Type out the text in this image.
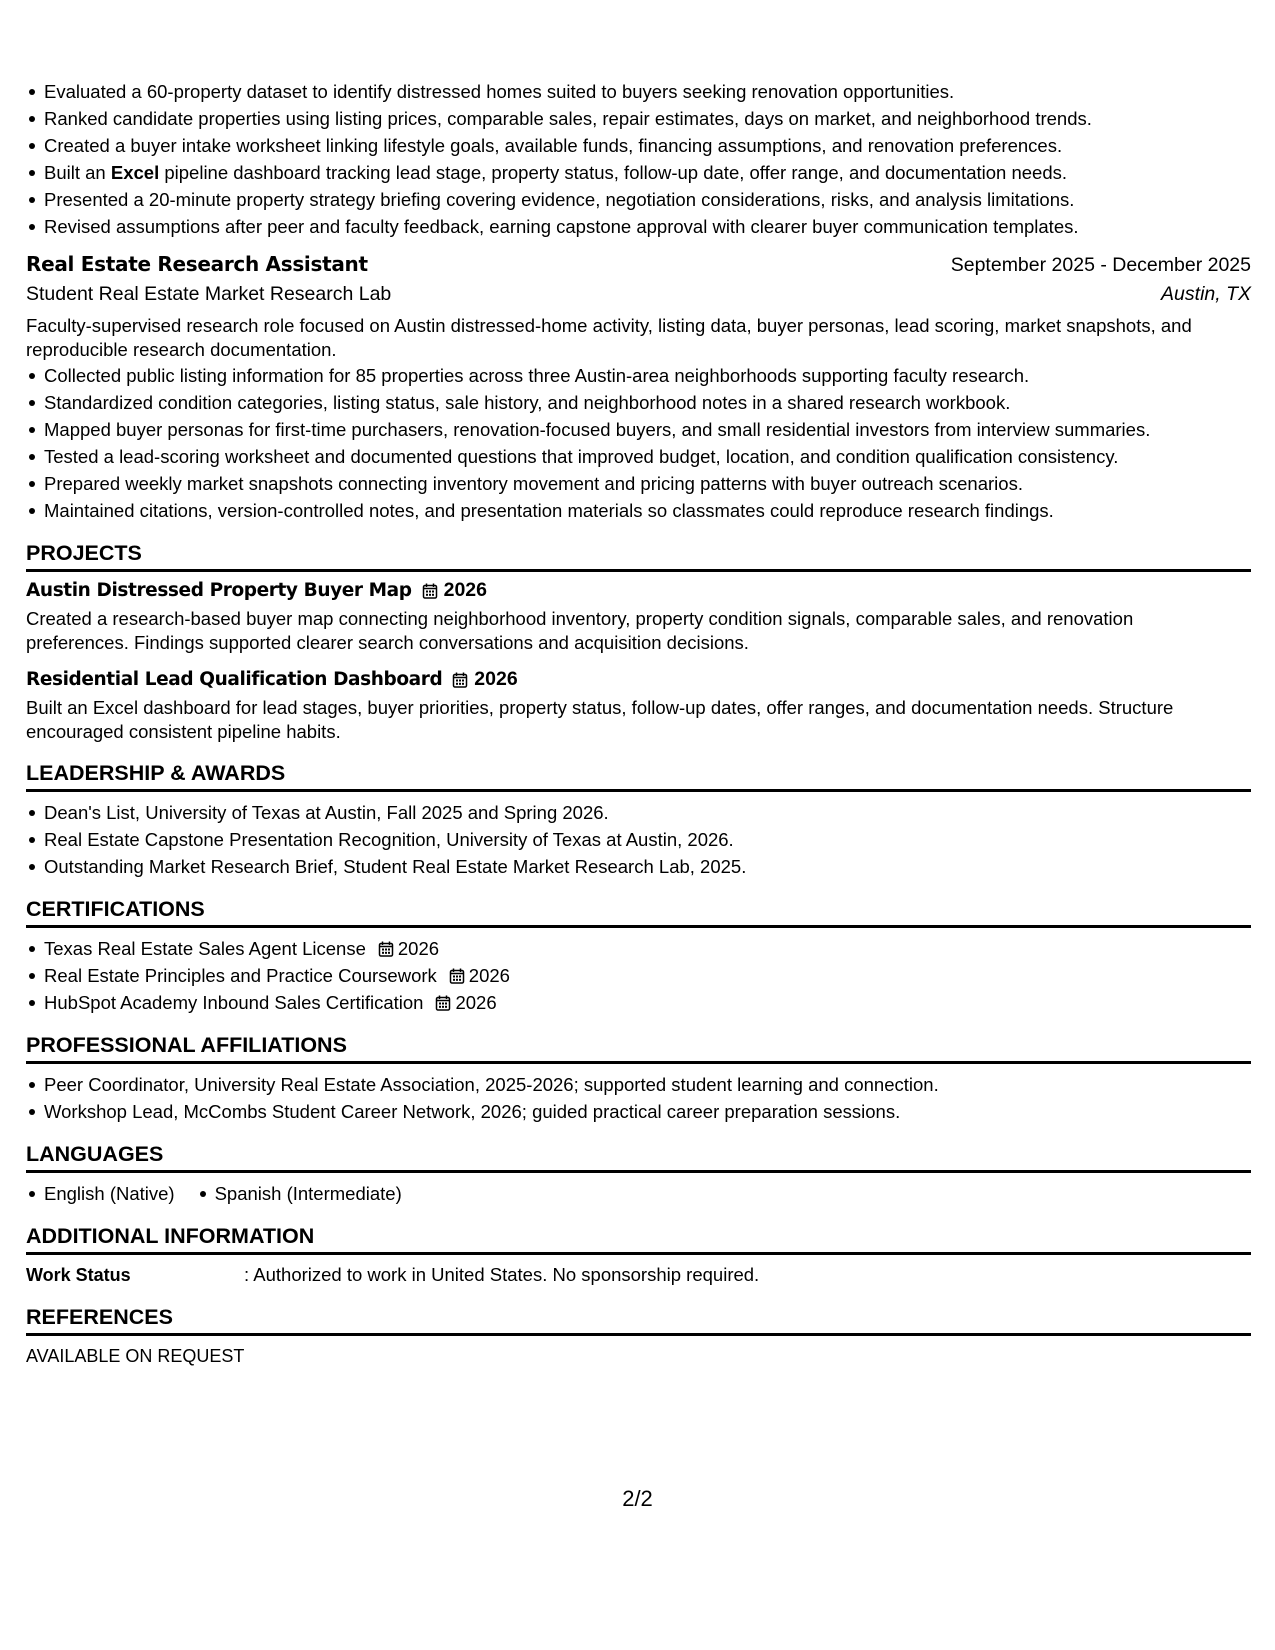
Evaluated a 60-property dataset to identify distressed homes suited to buyers seeking renovation opportunities.
Ranked candidate properties using listing prices, comparable sales, repair estimates, days on market, and neighborhood trends.
Created a buyer intake worksheet linking lifestyle goals, available funds, financing assumptions, and renovation preferences.
Built an Excel pipeline dashboard tracking lead stage, property status, follow-up date, offer range, and documentation needs.
Presented a 20-minute property strategy briefing covering evidence, negotiation considerations, risks, and analysis limitations.
Revised assumptions after peer and faculty feedback, earning capstone approval with clearer buyer communication templates.
Real Estate Research Assistant	September 2025 - December 2025
Student Real Estate Market Research Lab	Austin, TX
Faculty-supervised research role focused on Austin distressed-home activity, listing data, buyer personas, lead scoring, market snapshots, and reproducible research documentation.
Collected public listing information for 85 properties across three Austin-area neighborhoods supporting faculty research.
Standardized condition categories, listing status, sale history, and neighborhood notes in a shared research workbook.
Mapped buyer personas for first-time purchasers, renovation-focused buyers, and small residential investors from interview summaries.
Tested a lead-scoring worksheet and documented questions that improved budget, location, and condition qualification consistency.
Prepared weekly market snapshots connecting inventory movement and pricing patterns with buyer outreach scenarios.
Maintained citations, version-controlled notes, and presentation materials so classmates could reproduce research findings.
PROJECTS
Austin Distressed Property Buyer Map 2026
Created a research-based buyer map connecting neighborhood inventory, property condition signals, comparable sales, and renovation
preferences. Findings supported clearer search conversations and acquisition decisions.
Residential Lead Qualification Dashboard 2026
Built an Excel dashboard for lead stages, buyer priorities, property status, follow-up dates, offer ranges, and documentation needs. Structure
encouraged consistent pipeline habits.
LEADERSHIP & AWARDS
Dean's List, University of Texas at Austin, Fall 2025 and Spring 2026.
Real Estate Capstone Presentation Recognition, University of Texas at Austin, 2026.
Outstanding Market Research Brief, Student Real Estate Market Research Lab, 2025.
CERTIFICATIONS
Texas Real Estate Sales Agent License 2026
Real Estate Principles and Practice Coursework 2026
HubSpot Academy Inbound Sales Certification 2026
PROFESSIONAL AFFILIATIONS
Peer Coordinator, University Real Estate Association, 2025-2026; supported student learning and connection.
Workshop Lead, McCombs Student Career Network, 2026; guided practical career preparation sessions.
LANGUAGES
English (Native)	Spanish (Intermediate)
ADDITIONAL INFORMATION
Work Status	: Authorized to work in United States. No sponsorship required.
REFERENCES
AVAILABLE ON REQUEST
2/2
